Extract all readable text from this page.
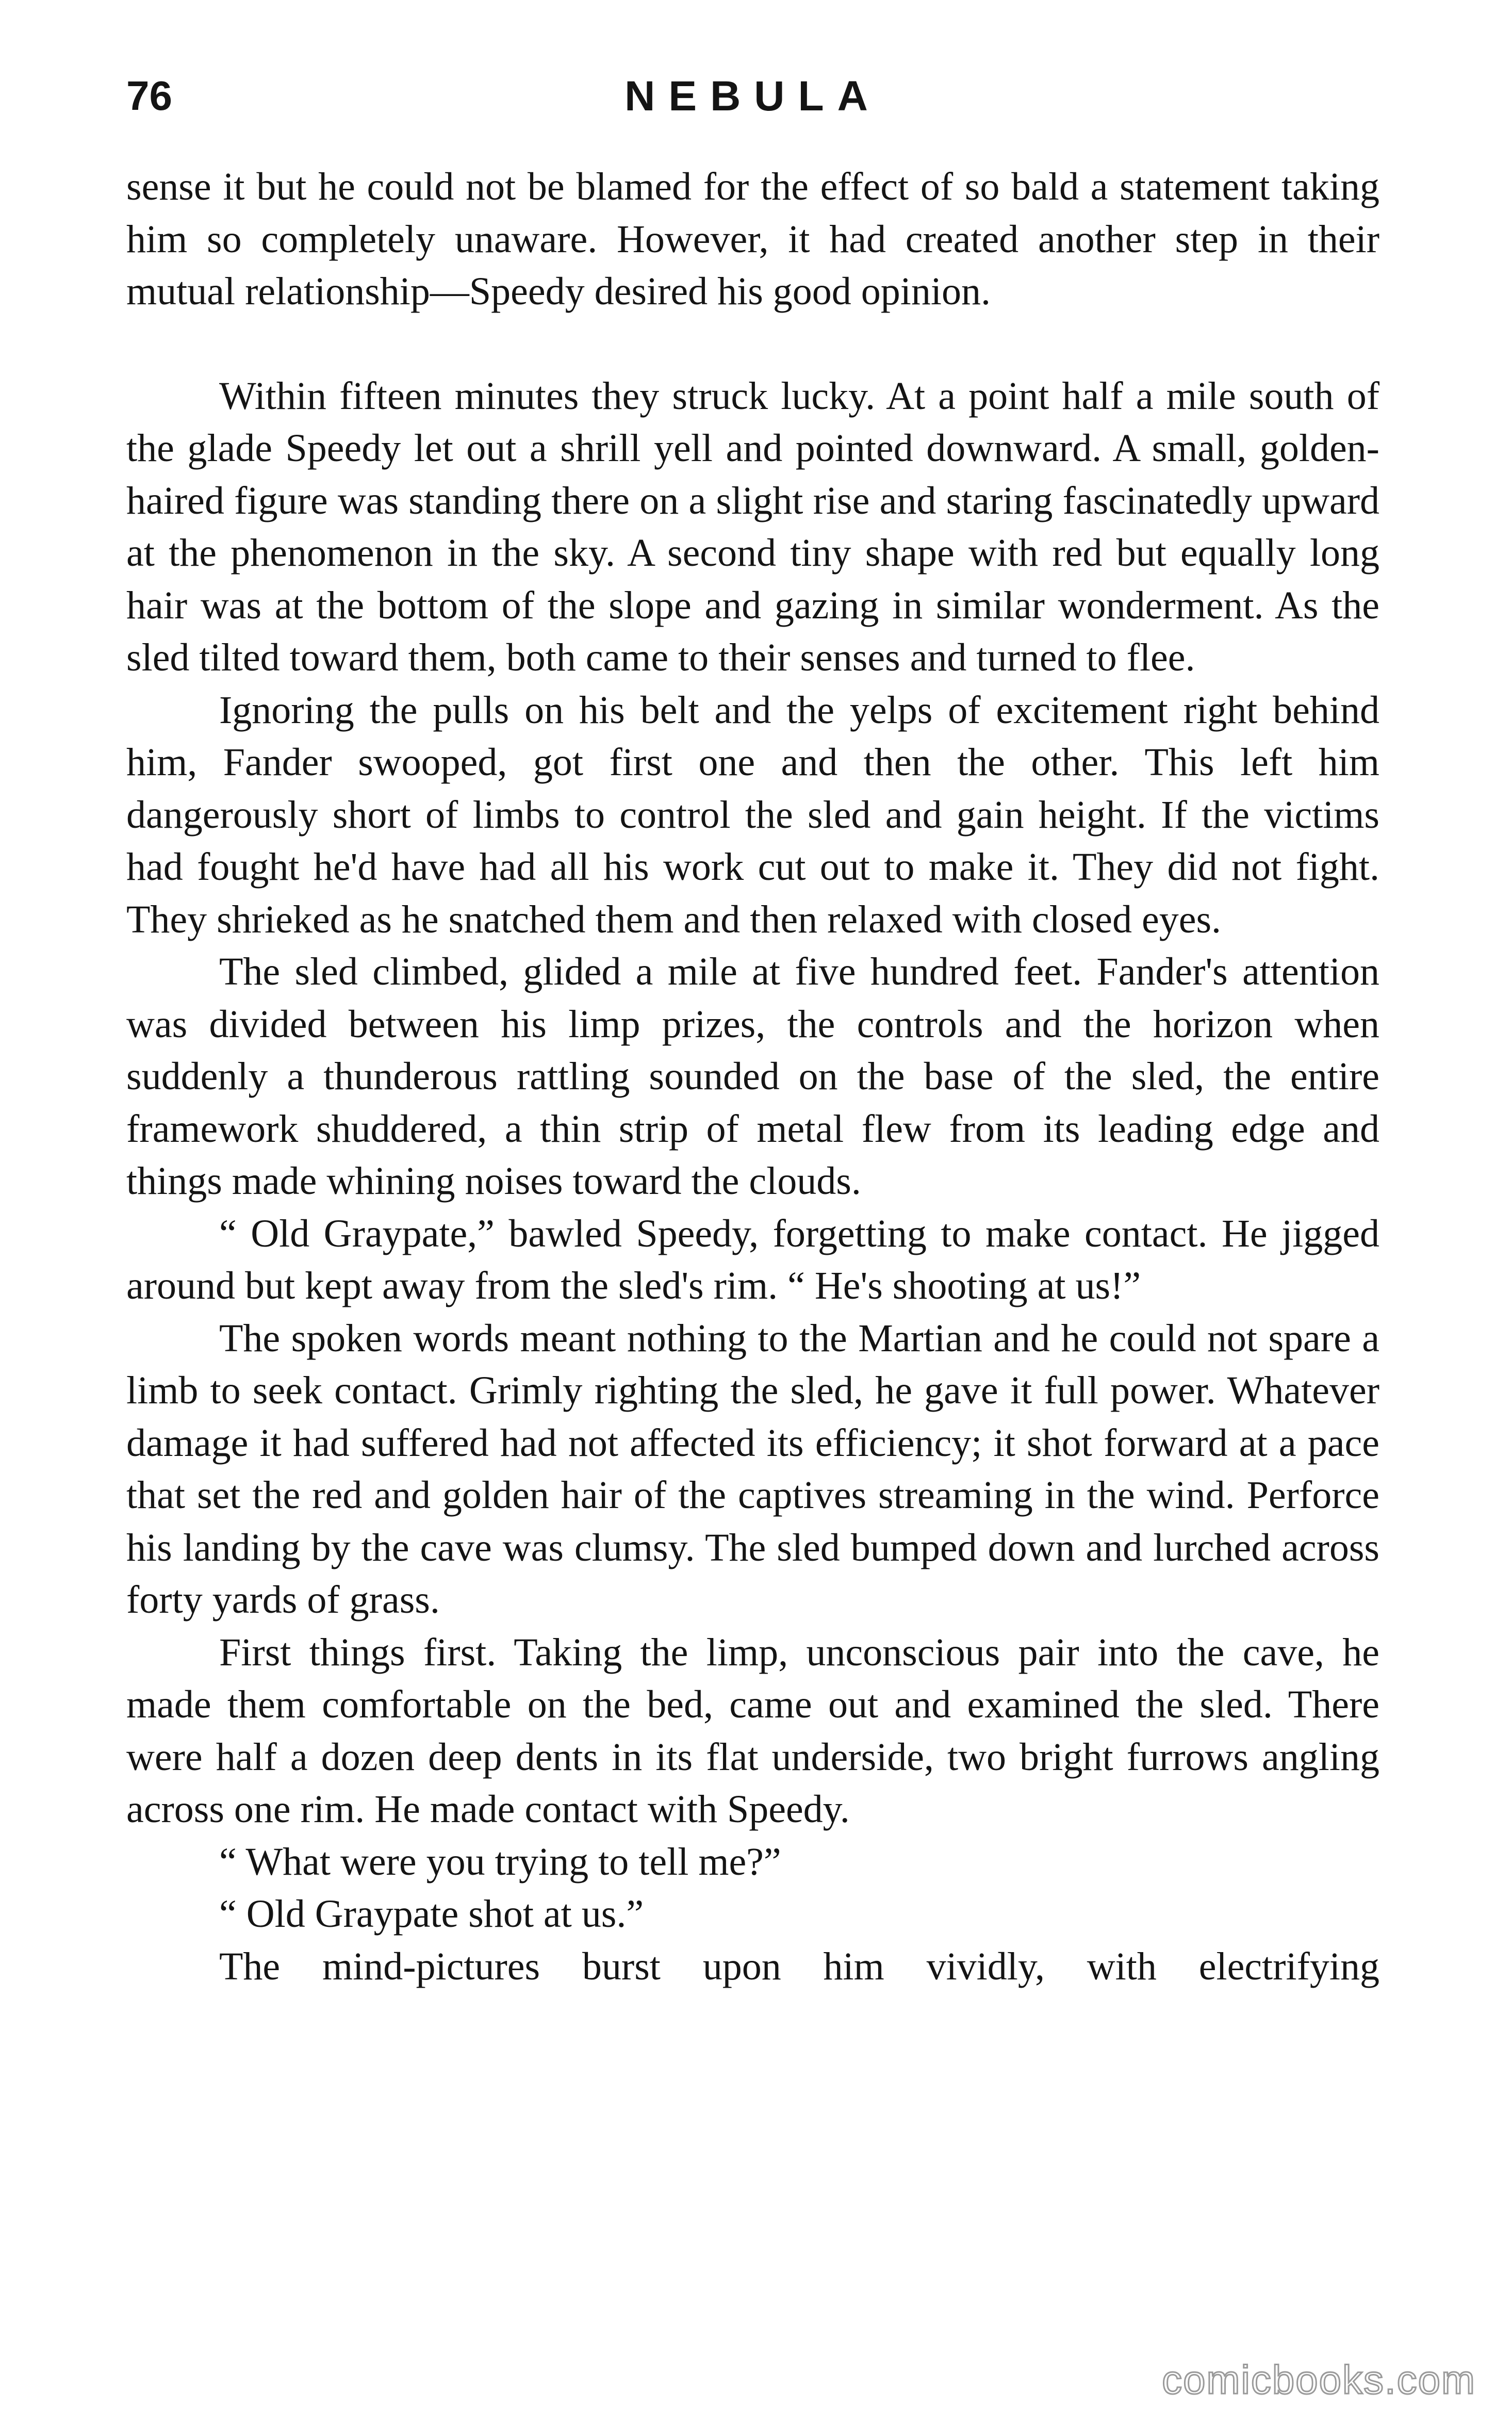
76	NEBULA

sense it but he could not be blamed for the effect of so bald a statement taking him so completely unaware. However, it had created another step in their mutual relationship—Speedy desired his good opinion.

Within fifteen minutes they struck lucky. At a point half a mile south of the glade Speedy let out a shrill yell and pointed downward. A small, golden-haired figure was standing there on a slight rise and staring fascinatedly upward at the phenomenon in the sky. A second tiny shape with red but equally long hair was at the bottom of the slope and gazing in similar wonderment. As the sled tilted toward them, both came to their senses and turned to flee.

Ignoring the pulls on his belt and the yelps of excitement right behind him, Fander swooped, got first one and then the other. This left him dangerously short of limbs to control the sled and gain height. If the victims had fought he'd have had all his work cut out to make it. They did not fight. They shrieked as he snatched them and then relaxed with closed eyes.

The sled climbed, glided a mile at five hundred feet. Fander's attention was divided between his limp prizes, the controls and the horizon when suddenly a thunderous rattling sounded on the base of the sled, the entire framework shuddered, a thin strip of metal flew from its leading edge and things made whining noises toward the clouds.

“ Old Graypate,” bawled Speedy, forgetting to make contact. He jigged around but kept away from the sled's rim. “ He's shooting at us!”

The spoken words meant nothing to the Martian and he could not spare a limb to seek contact. Grimly righting the sled, he gave it full power. Whatever damage it had suffered had not affected its efficiency; it shot forward at a pace that set the red and golden hair of the captives streaming in the wind. Perforce his landing by the cave was clumsy. The sled bumped down and lurched across forty yards of grass.

First things first. Taking the limp, unconscious pair into the cave, he made them comfortable on the bed, came out and examined the sled. There were half a dozen deep dents in its flat underside, two bright furrows angling across one rim. He made contact with Speedy.

“ What were you trying to tell me?”

“ Old Graypate shot at us.”

The mind-pictures burst upon him vividly, with electrifying

comicbooks.com
